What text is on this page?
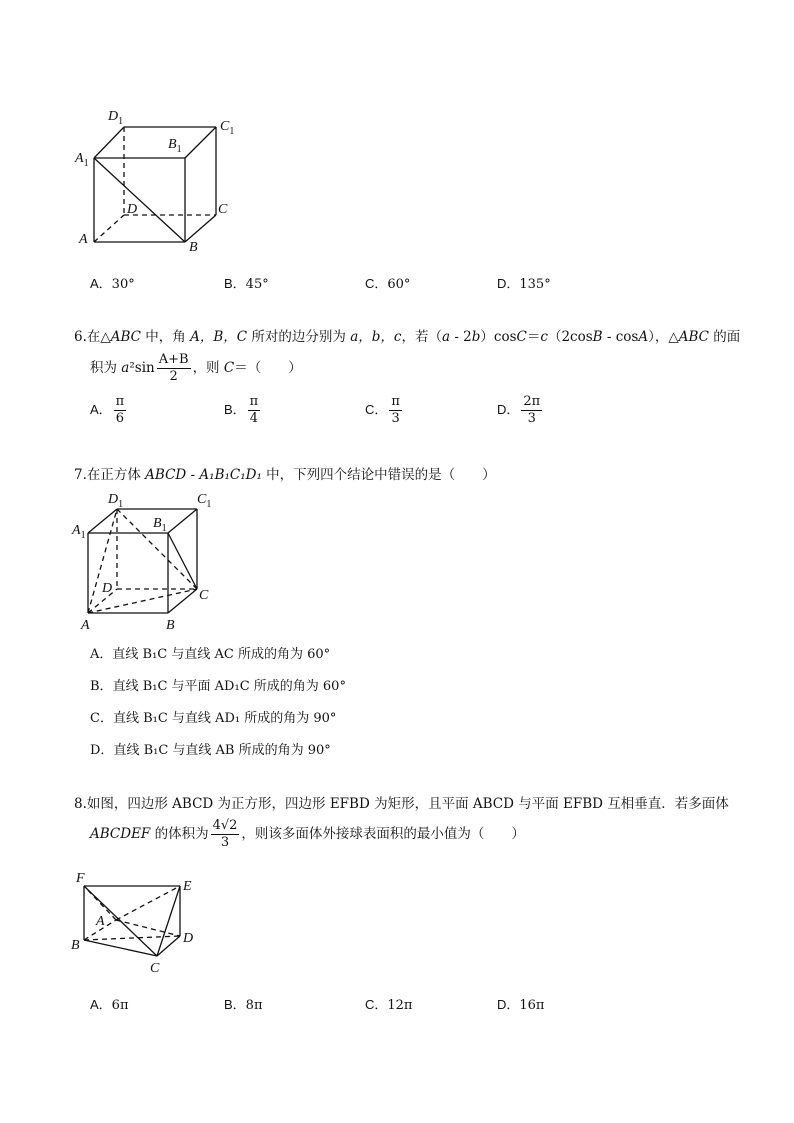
$D_1$	$C_1$
$B_1$
$A_1$
D	C
A
B
A．30°	B．45°	C．60°	D．135°
6.在△ABC 中，角 A，B，C 所对的边分别为 a，b，c，若（a - 2b）cosC＝c（2cosB - cosA），△ABC 的面
积为 $a^2\sin \frac{A+B}{2}$ ，则 C＝（　　）
A． $\frac{\pi}{6}$	B． $\frac{\pi}{4}$	C． $\frac{\pi}{3}$	D． $\frac{2\pi}{3}$
7.在正方体 ABCD - A₁B₁C₁D₁ 中，下列四个结论中错误的是（　　）
$D_1$	$C_1$
$B_1$
$A_1$
D	C
A	B
A．直线 B₁C 与直线 AC 所成的角为 60°
B．直线 B₁C 与平面 AD₁C 所成的角为 60°
C．直线 B₁C 与直线 AD₁ 所成的角为 90°
D．直线 B₁C 与直线 AB 所成的角为 90°
8.如图，四边形 ABCD 为正方形，四边形 EFBD 为矩形，且平面 ABCD 与平面 EFBD 互相垂直．若多面体
ABCDEF 的体积为 $\frac{4√2}{3}$ ，则该多面体外接球表面积的最小值为（　　）
F
E
A
B	D
C
A．6π	B．8π	C．12π	D．16π
